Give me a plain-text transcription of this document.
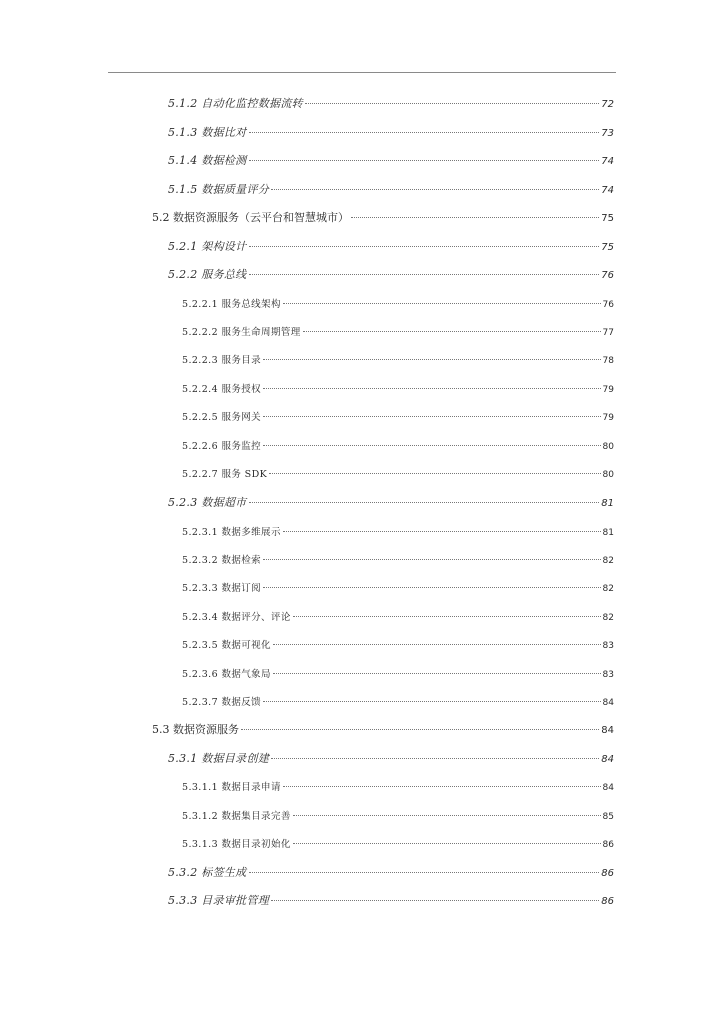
5.1.2 自动化监控数据流转	72
5.1.3 数据比对	73
5.1.4 数据检测	74
5.1.5 数据质量评分	74
5.2 数据资源服务（云平台和智慧城市）	75
5.2.1 架构设计	75
5.2.2 服务总线	76
5.2.2.1 服务总线架构	76
5.2.2.2 服务生命周期管理	77
5.2.2.3 服务目录	78
5.2.2.4 服务授权	79
5.2.2.5 服务网关	79
5.2.2.6 服务监控	80
5.2.2.7 服务 SDK	80
5.2.3 数据超市	81
5.2.3.1 数据多维展示	81
5.2.3.2 数据检索	82
5.2.3.3 数据订阅	82
5.2.3.4 数据评分、评论	82
5.2.3.5 数据可视化	83
5.2.3.6 数据气象局	83
5.2.3.7 数据反馈	84
5.3 数据资源服务	84
5.3.1 数据目录创建	84
5.3.1.1 数据目录申请	84
5.3.1.2 数据集目录完善	85
5.3.1.3 数据目录初始化	86
5.3.2 标签生成	86
5.3.3 目录审批管理	86
